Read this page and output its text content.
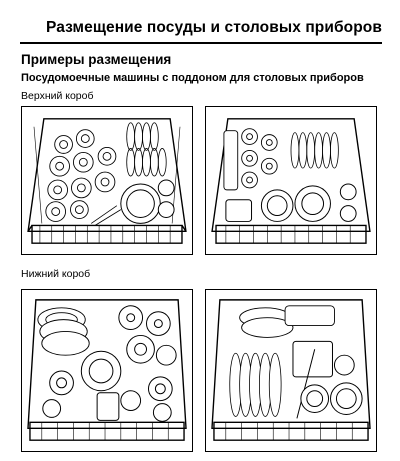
Размещение посуды и столовых приборов
Примеры размещения
Посудомоечные машины с поддоном для столовых приборов
Верхний короб
Нижний короб
